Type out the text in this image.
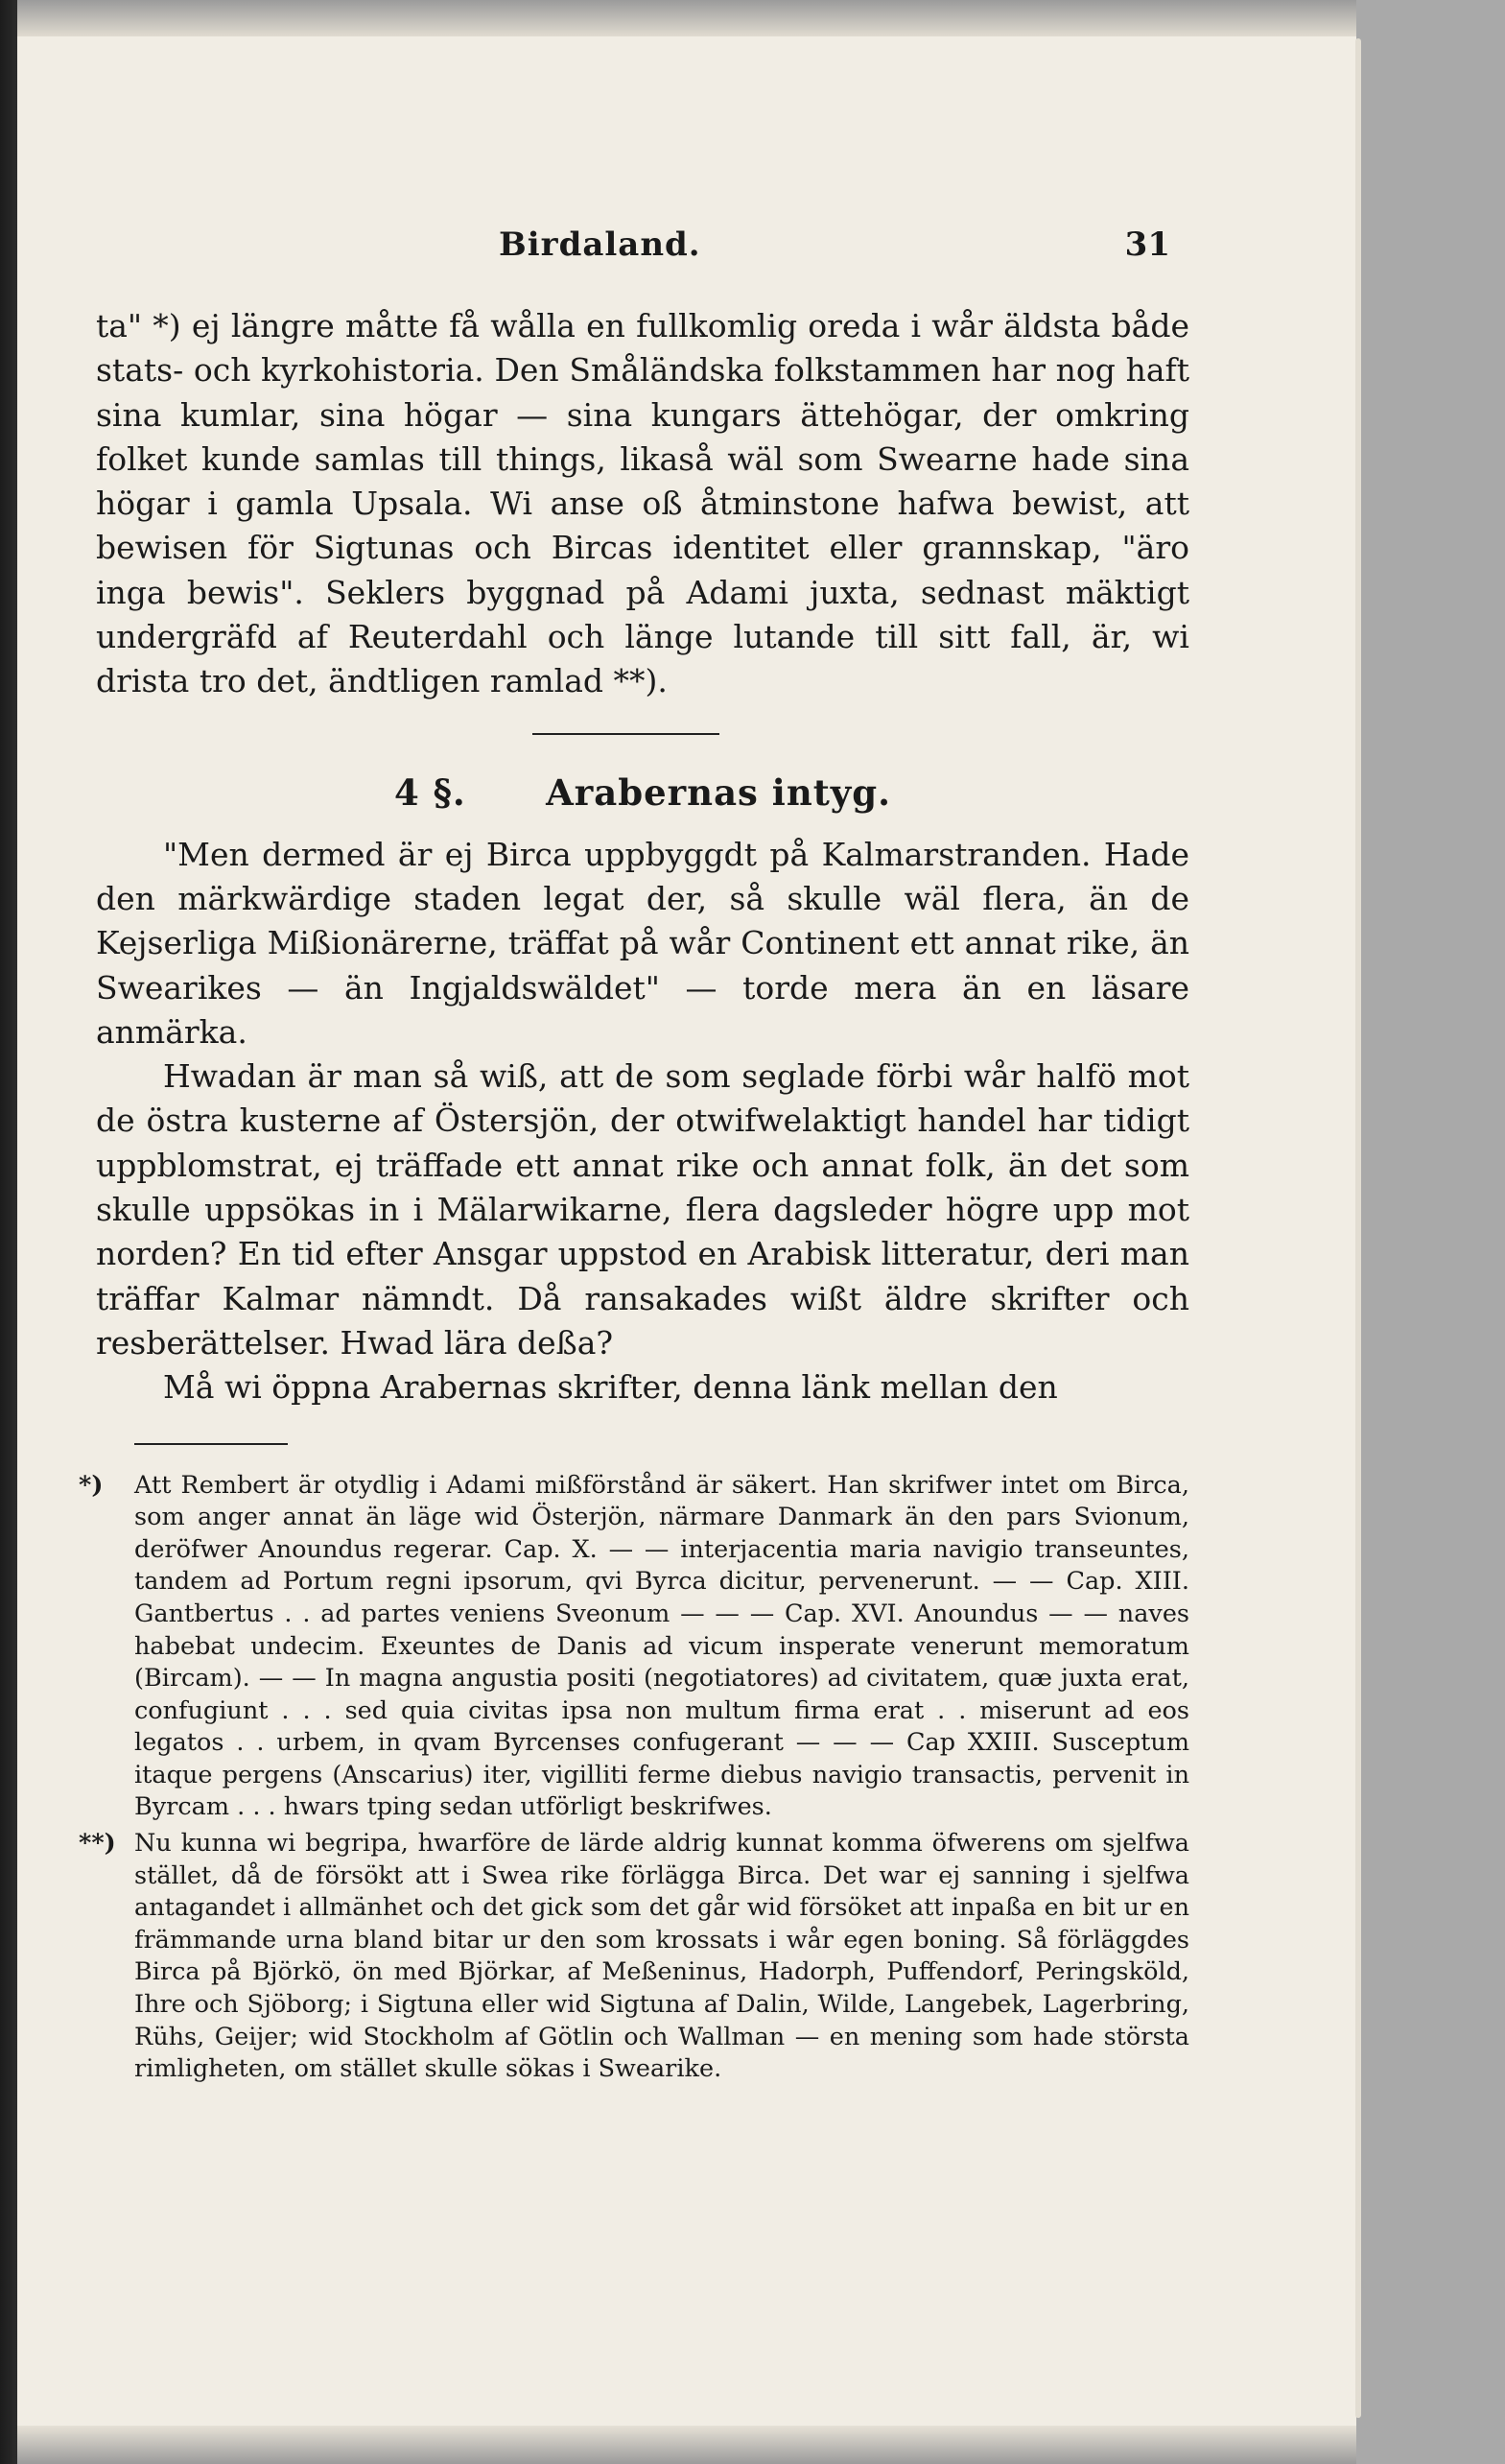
Birdaland.	31

ta" *) ej längre måtte få wålla en fullkomlig oreda i wår äldsta både stats- och kyrkohistoria. Den Småländska folkstammen har nog haft sina kumlar, sina högar — sina kungars ättehögar, der omkring folket kunde samlas till things, likaså wäl som Swearne hade sina högar i gamla Upsala. Wi anse oß åtminstone hafwa bewist, att bewisen för Sigtunas och Bircas identitet eller grannskap, "äro inga bewis". Seklers byggnad på Adami juxta, sednast mäktigt undergräfd af Reuterdahl och länge lutande till sitt fall, är, wi drista tro det, ändtligen ramlad **).

4 §. Arabernas intyg.

"Men dermed är ej Birca uppbyggdt på Kalmarstranden. Hade den märkwärdige staden legat der, så skulle wäl flera, än de Kejserliga Mißionärerne, träffat på wår Continent ett annat rike, än Swearikes — än Ingjaldswäldet" — torde mera än en läsare anmärka.

Hwadan är man så wiß, att de som seglade förbi wår halfö mot de östra kusterne af Östersjön, der otwifwelaktigt handel har tidigt uppblomstrat, ej träffade ett annat rike och annat folk, än det som skulle uppsökas in i Mälarwikarne, flera dagsleder högre upp mot norden? En tid efter Ansgar uppstod en Arabisk litteratur, deri man träffar Kalmar nämndt. Då ransakades wißt äldre skrifter och resberättelser. Hwad lära deßa?

Må wi öppna Arabernas skrifter, denna länk mellan den

*) Att Rembert är otydlig i Adami mißförstånd är säkert. Han skrifwer intet om Birca, som anger annat än läge wid Österjön, närmare Danmark än den pars Svionum, deröfwer Anoundus regerar. Cap. X. — — interjacentia maria navigio transeuntes, tandem ad Portum regni ipsorum, qvi Byrca dicitur, pervenerunt. — — Cap. XIII. Gantbertus . . ad partes veniens Sveonum — — — Cap. XVI. Anoundus — — naves habebat undecim. Exeuntes de Danis ad vicum insperate venerunt memoratum (Bircam). — — In magna angustia positi (negotiatores) ad civitatem, quæ juxta erat, confugiunt . . . sed quia civitas ipsa non multum firma erat . . miserunt ad eos legatos . . urbem, in qvam Byrcenses confugerant — — — Cap XXIII. Susceptum itaque pergens (Anscarius) iter, vigilliti ferme diebus navigio transactis, pervenit in Byrcam . . . hwars tping sedan utförligt beskrifwes.

**) Nu kunna wi begripa, hwarföre de lärde aldrig kunnat komma öfwerens om sjelfwa stället, då de försökt att i Swea rike förlägga Birca. Det war ej sanning i sjelfwa antagandet i allmänhet och det gick som det går wid försöket att inpaßa en bit ur en främmande urna bland bitar ur den som krossats i wår egen boning. Så förläggdes Birca på Björkö, ön med Björkar, af Meßeninus, Hadorph, Puffendorf, Peringsköld, Ihre och Sjöborg; i Sigtuna eller wid Sigtuna af Dalin, Wilde, Langebek, Lagerbring, Rühs, Geijer; wid Stockholm af Götlin och Wallman — en mening som hade största rimligheten, om stället skulle sökas i Swearike.
